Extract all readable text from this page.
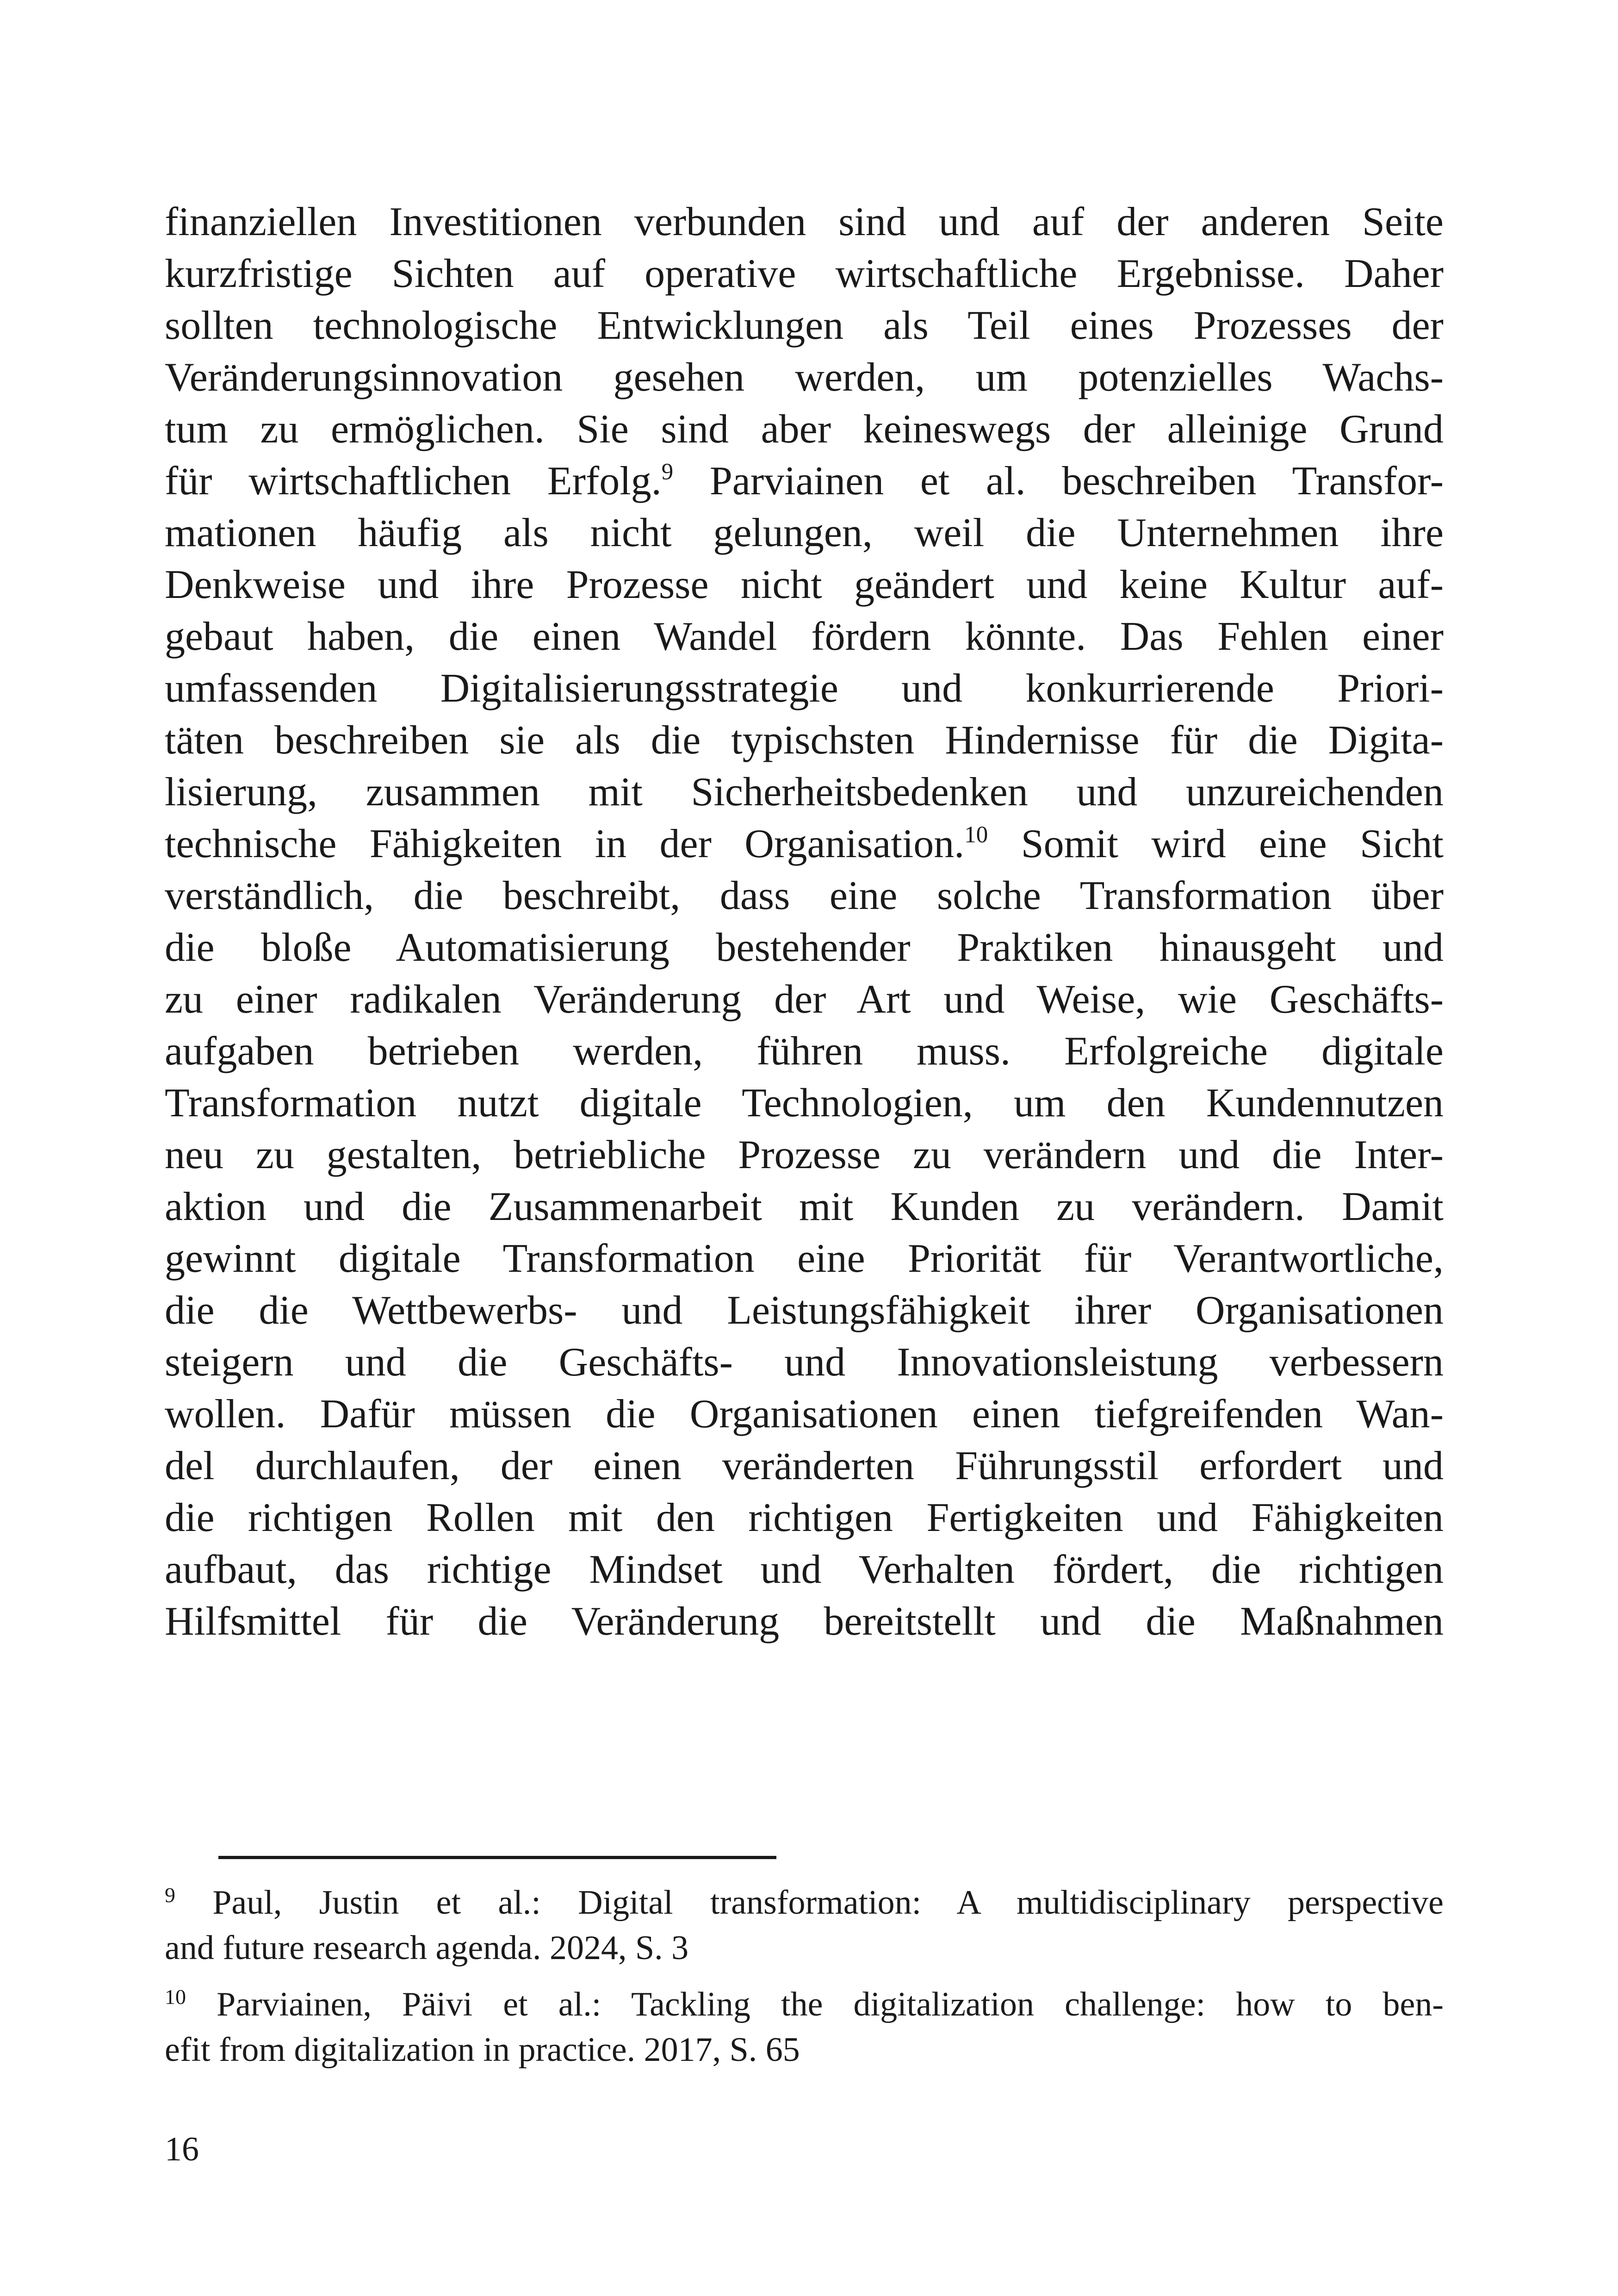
finanziellen Investitionen verbunden sind und auf der anderen Seite
kurzfristige Sichten auf operative wirtschaftliche Ergebnisse. Daher
sollten technologische Entwicklungen als Teil eines Prozesses der
Veränderungsinnovation gesehen werden, um potenzielles Wachs-
tum zu ermöglichen. Sie sind aber keineswegs der alleinige Grund
für wirtschaftlichen Erfolg.$^9$ Parviainen et al. beschreiben Transfor-
mationen häufig als nicht gelungen, weil die Unternehmen ihre
Denkweise und ihre Prozesse nicht geändert und keine Kultur auf-
gebaut haben, die einen Wandel fördern könnte. Das Fehlen einer
umfassenden Digitalisierungsstrategie und konkurrierende Priori-
täten beschreiben sie als die typischsten Hindernisse für die Digita-
lisierung, zusammen mit Sicherheitsbedenken und unzureichenden
technische Fähigkeiten in der Organisation.$^{10}$ Somit wird eine Sicht
verständlich, die beschreibt, dass eine solche Transformation über
die bloße Automatisierung bestehender Praktiken hinausgeht und
zu einer radikalen Veränderung der Art und Weise, wie Geschäfts-
aufgaben betrieben werden, führen muss. Erfolgreiche digitale
Transformation nutzt digitale Technologien, um den Kundennutzen
neu zu gestalten, betriebliche Prozesse zu verändern und die Inter-
aktion und die Zusammenarbeit mit Kunden zu verändern. Damit
gewinnt digitale Transformation eine Priorität für Verantwortliche,
die die Wettbewerbs- und Leistungsfähigkeit ihrer Organisationen
steigern und die Geschäfts- und Innovationsleistung verbessern
wollen. Dafür müssen die Organisationen einen tiefgreifenden Wan-
del durchlaufen, der einen veränderten Führungsstil erfordert und
die richtigen Rollen mit den richtigen Fertigkeiten und Fähigkeiten
aufbaut, das richtige Mindset und Verhalten fördert, die richtigen
Hilfsmittel für die Veränderung bereitstellt und die Maßnahmen
$^9$ Paul, Justin et al.: Digital transformation: A multidisciplinary perspective
and future research agenda. 2024, S. 3
$^{10}$ Parviainen, Päivi et al.: Tackling the digitalization challenge: how to ben-
efit from digitalization in practice. 2017, S. 65
16
